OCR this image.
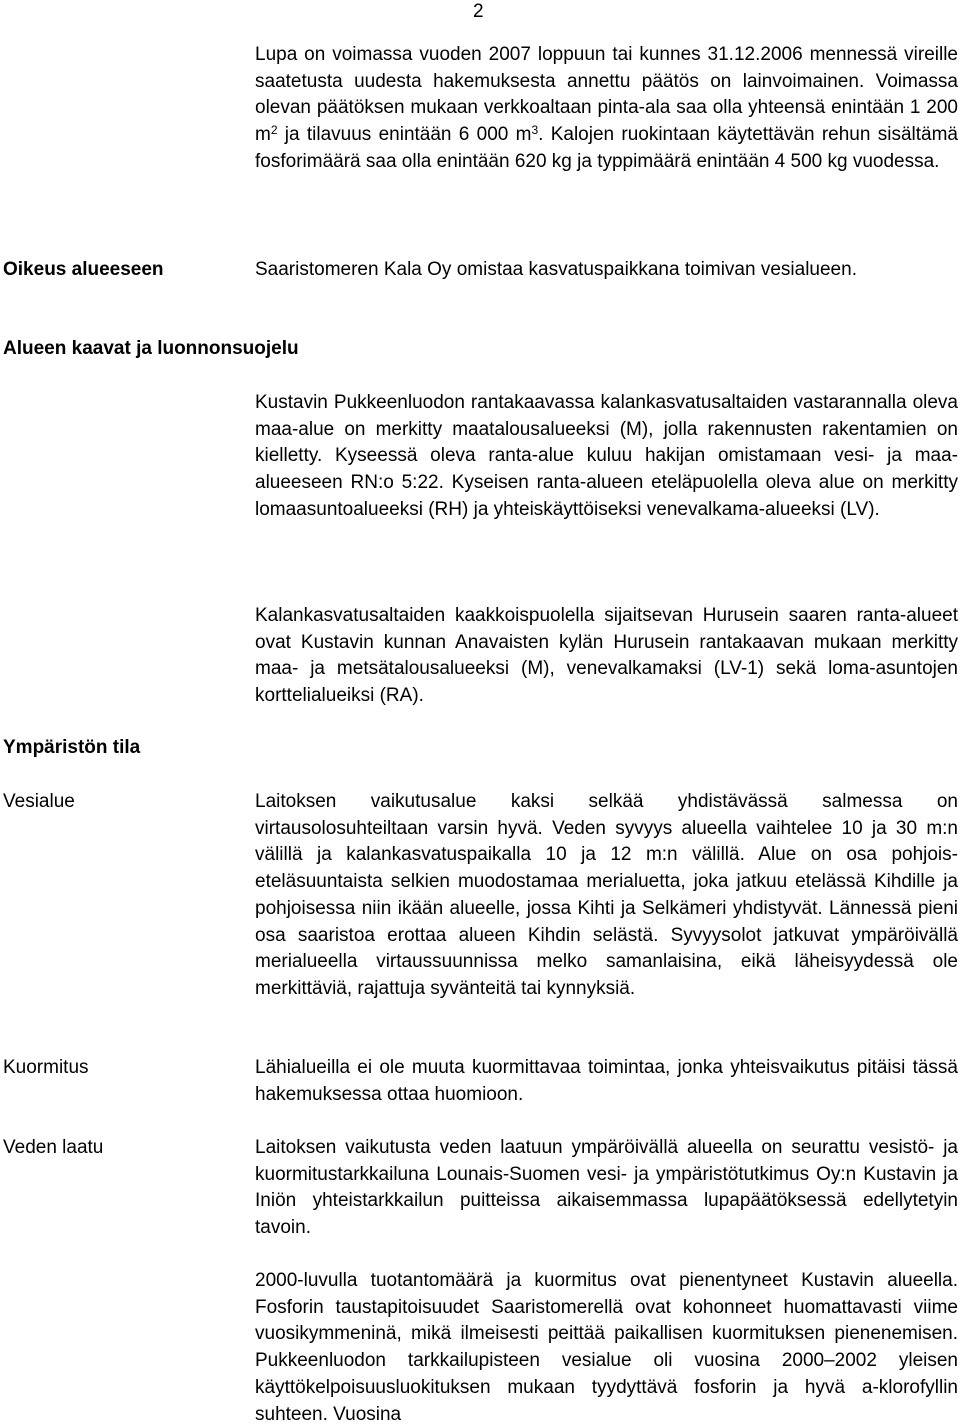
2

Lupa on voimassa vuoden 2007 loppuun tai kunnes 31.12.2006 mennessä vireille saatetusta uudesta hakemuksesta annettu päätös on lainvoimainen. Voimassa olevan päätöksen mukaan verkkoaltaan pinta-ala saa olla yhteensä enintään 1 200 $m^2$ ja tilavuus enintään 6 000 $m^3$. Kalojen ruokintaan käytettävän rehun sisältämä fosforimäärä saa olla enintään 620 kg ja typpimäärä enintään 4 500 kg vuodessa.

Oikeus alueeseen	Saaristomeren Kala Oy omistaa kasvatuspaikkana toimivan vesialueen.

Alueen kaavat ja luonnonsuojelu

Kustavin Pukkeenluodon rantakaavassa kalankasvatusaltaiden vastarannalla oleva maa-alue on merkitty maatalousalueeksi (M), jolla rakennusten rakentamien on kielletty. Kyseessä oleva ranta-alue kuluu hakijan omistamaan vesi- ja maa-alueeseen RN:o 5:22. Kyseisen ranta-alueen eteläpuolella oleva alue on merkitty lomaasuntoalueeksi (RH) ja yhteiskäyttöiseksi venevalkama-alueeksi (LV).

Kalankasvatusaltaiden kaakkoispuolella sijaitsevan Hurusein saaren ranta-alueet ovat Kustavin kunnan Anavaisten kylän Hurusein rantakaavan mukaan merkitty maa- ja metsätalousalueeksi (M), venevalkamaksi (LV-1) sekä loma-asuntojen korttelialueiksi (RA).

Ympäristön tila
Vesialue	Laitoksen vaikutusalue kaksi selkää yhdistävässä salmessa on virtausolosuhteiltaan varsin hyvä. Veden syvyys alueella vaihtelee 10 ja 30 m:n välillä ja kalankasvatuspaikalla 10 ja 12 m:n välillä. Alue on osa pohjois-eteläsuuntaista selkien muodostamaa merialuetta, joka jatkuu etelässä Kihdille ja pohjoisessa niin ikään alueelle, jossa Kihti ja Selkämeri yhdistyvät. Lännessä pieni osa saaristoa erottaa alueen Kihdin selästä. Syvyysolot jatkuvat ympäröivällä merialueella virtaussuunnissa melko samanlaisina, eikä läheisyydessä ole merkittäviä, rajattuja syvänteitä tai kynnyksiä.

Kuormitus	Lähialueilla ei ole muuta kuormittavaa toimintaa, jonka yhteisvaikutus pitäisi tässä hakemuksessa ottaa huomioon.

Veden laatu	Laitoksen vaikutusta veden laatuun ympäröivällä alueella on seurattu vesistö- ja kuormitustarkkailuna Lounais-Suomen vesi- ja ympäristötutkimus Oy:n Kustavin ja Iniön yhteistarkkailun puitteissa aikaisemmassa lupapäätöksessä edellytetyin tavoin.

2000-luvulla tuotantomäärä ja kuormitus ovat pienentyneet Kustavin alueella. Fosforin taustapitoisuudet Saaristomerellä ovat kohonneet huomattavasti viime vuosikymmeninä, mikä ilmeisesti peittää paikallisen kuormituksen pienenemisen. Pukkeenluodon tarkkailupisteen vesialue oli vuosina 2000–2002 yleisen käyttökelpoisuusluokituksen mukaan tyydyttävä fosforin ja hyvä a-klorofyllin suhteen. Vuosina
